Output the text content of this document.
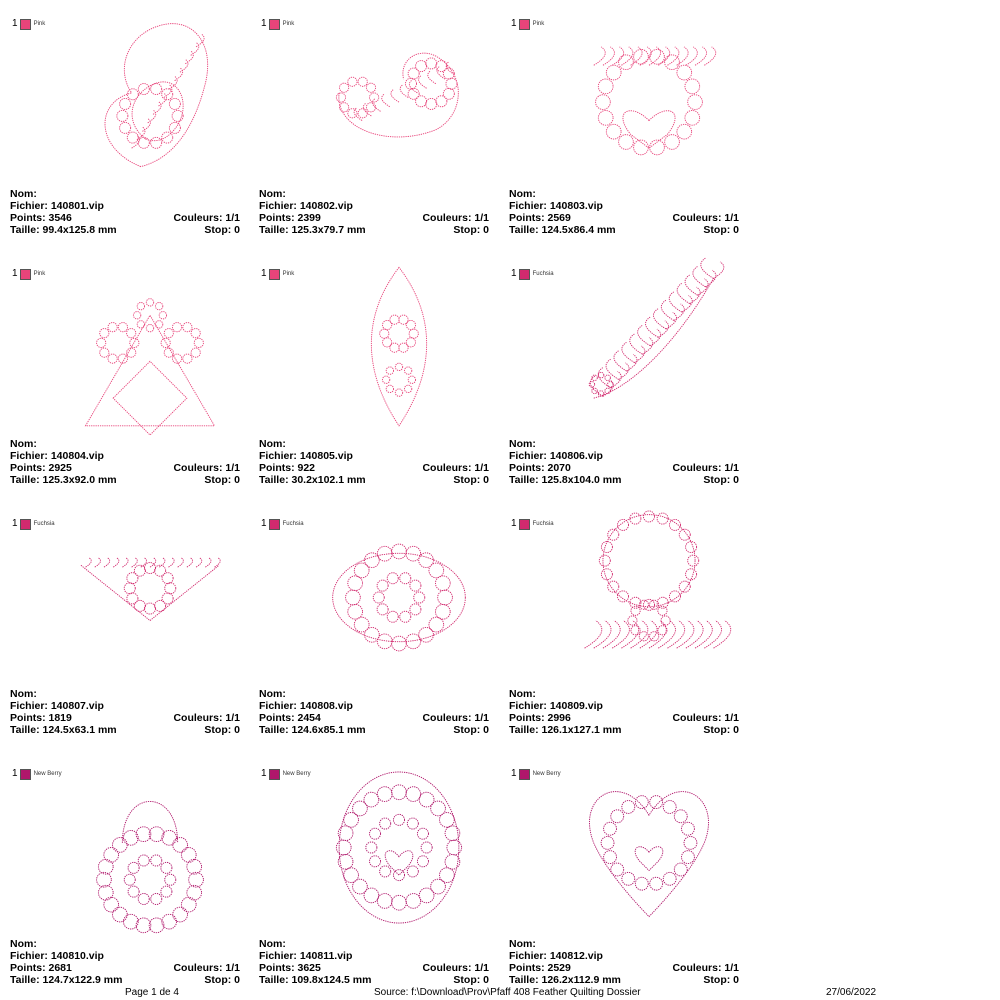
1	Pink
Nom:
Fichier: 140801.vip
Points: 3546	Couleurs: 1/1
Taille: 99.4x125.8 mm	Stop: 0
1	Pink
Nom:
Fichier: 140802.vip
Points: 2399	Couleurs: 1/1
Taille: 125.3x79.7 mm	Stop: 0
1	Pink
Nom:
Fichier: 140803.vip
Points: 2569	Couleurs: 1/1
Taille: 124.5x86.4 mm	Stop: 0
1	Pink
Nom:
Fichier: 140804.vip
Points: 2925	Couleurs: 1/1
Taille: 125.3x92.0 mm	Stop: 0
1	Pink
Nom:
Fichier: 140805.vip
Points: 922	Couleurs: 1/1
Taille: 30.2x102.1 mm	Stop: 0
1	Fuchsia
Nom:
Fichier: 140806.vip
Points: 2070	Couleurs: 1/1
Taille: 125.8x104.0 mm	Stop: 0
1	Fuchsia
Nom:
Fichier: 140807.vip
Points: 1819	Couleurs: 1/1
Taille: 124.5x63.1 mm	Stop: 0
1	Fuchsia
Nom:
Fichier: 140808.vip
Points: 2454	Couleurs: 1/1
Taille: 124.6x85.1 mm	Stop: 0
1	Fuchsia
Nom:
Fichier: 140809.vip
Points: 2996	Couleurs: 1/1
Taille: 126.1x127.1 mm	Stop: 0
1	New Berry
Nom:
Fichier: 140810.vip
Points: 2681	Couleurs: 1/1
Taille: 124.7x122.9 mm	Stop: 0
1	New Berry
Nom:
Fichier: 140811.vip
Points: 3625	Couleurs: 1/1
Taille: 109.8x124.5 mm	Stop: 0
1	New Berry
Nom:
Fichier: 140812.vip
Points: 2529	Couleurs: 1/1
Taille: 126.2x112.9 mm	Stop: 0
Page 1 de 4	Source: f:\Download\Prov\Pfaff 408 Feather Quilting Dossier	27/06/2022
